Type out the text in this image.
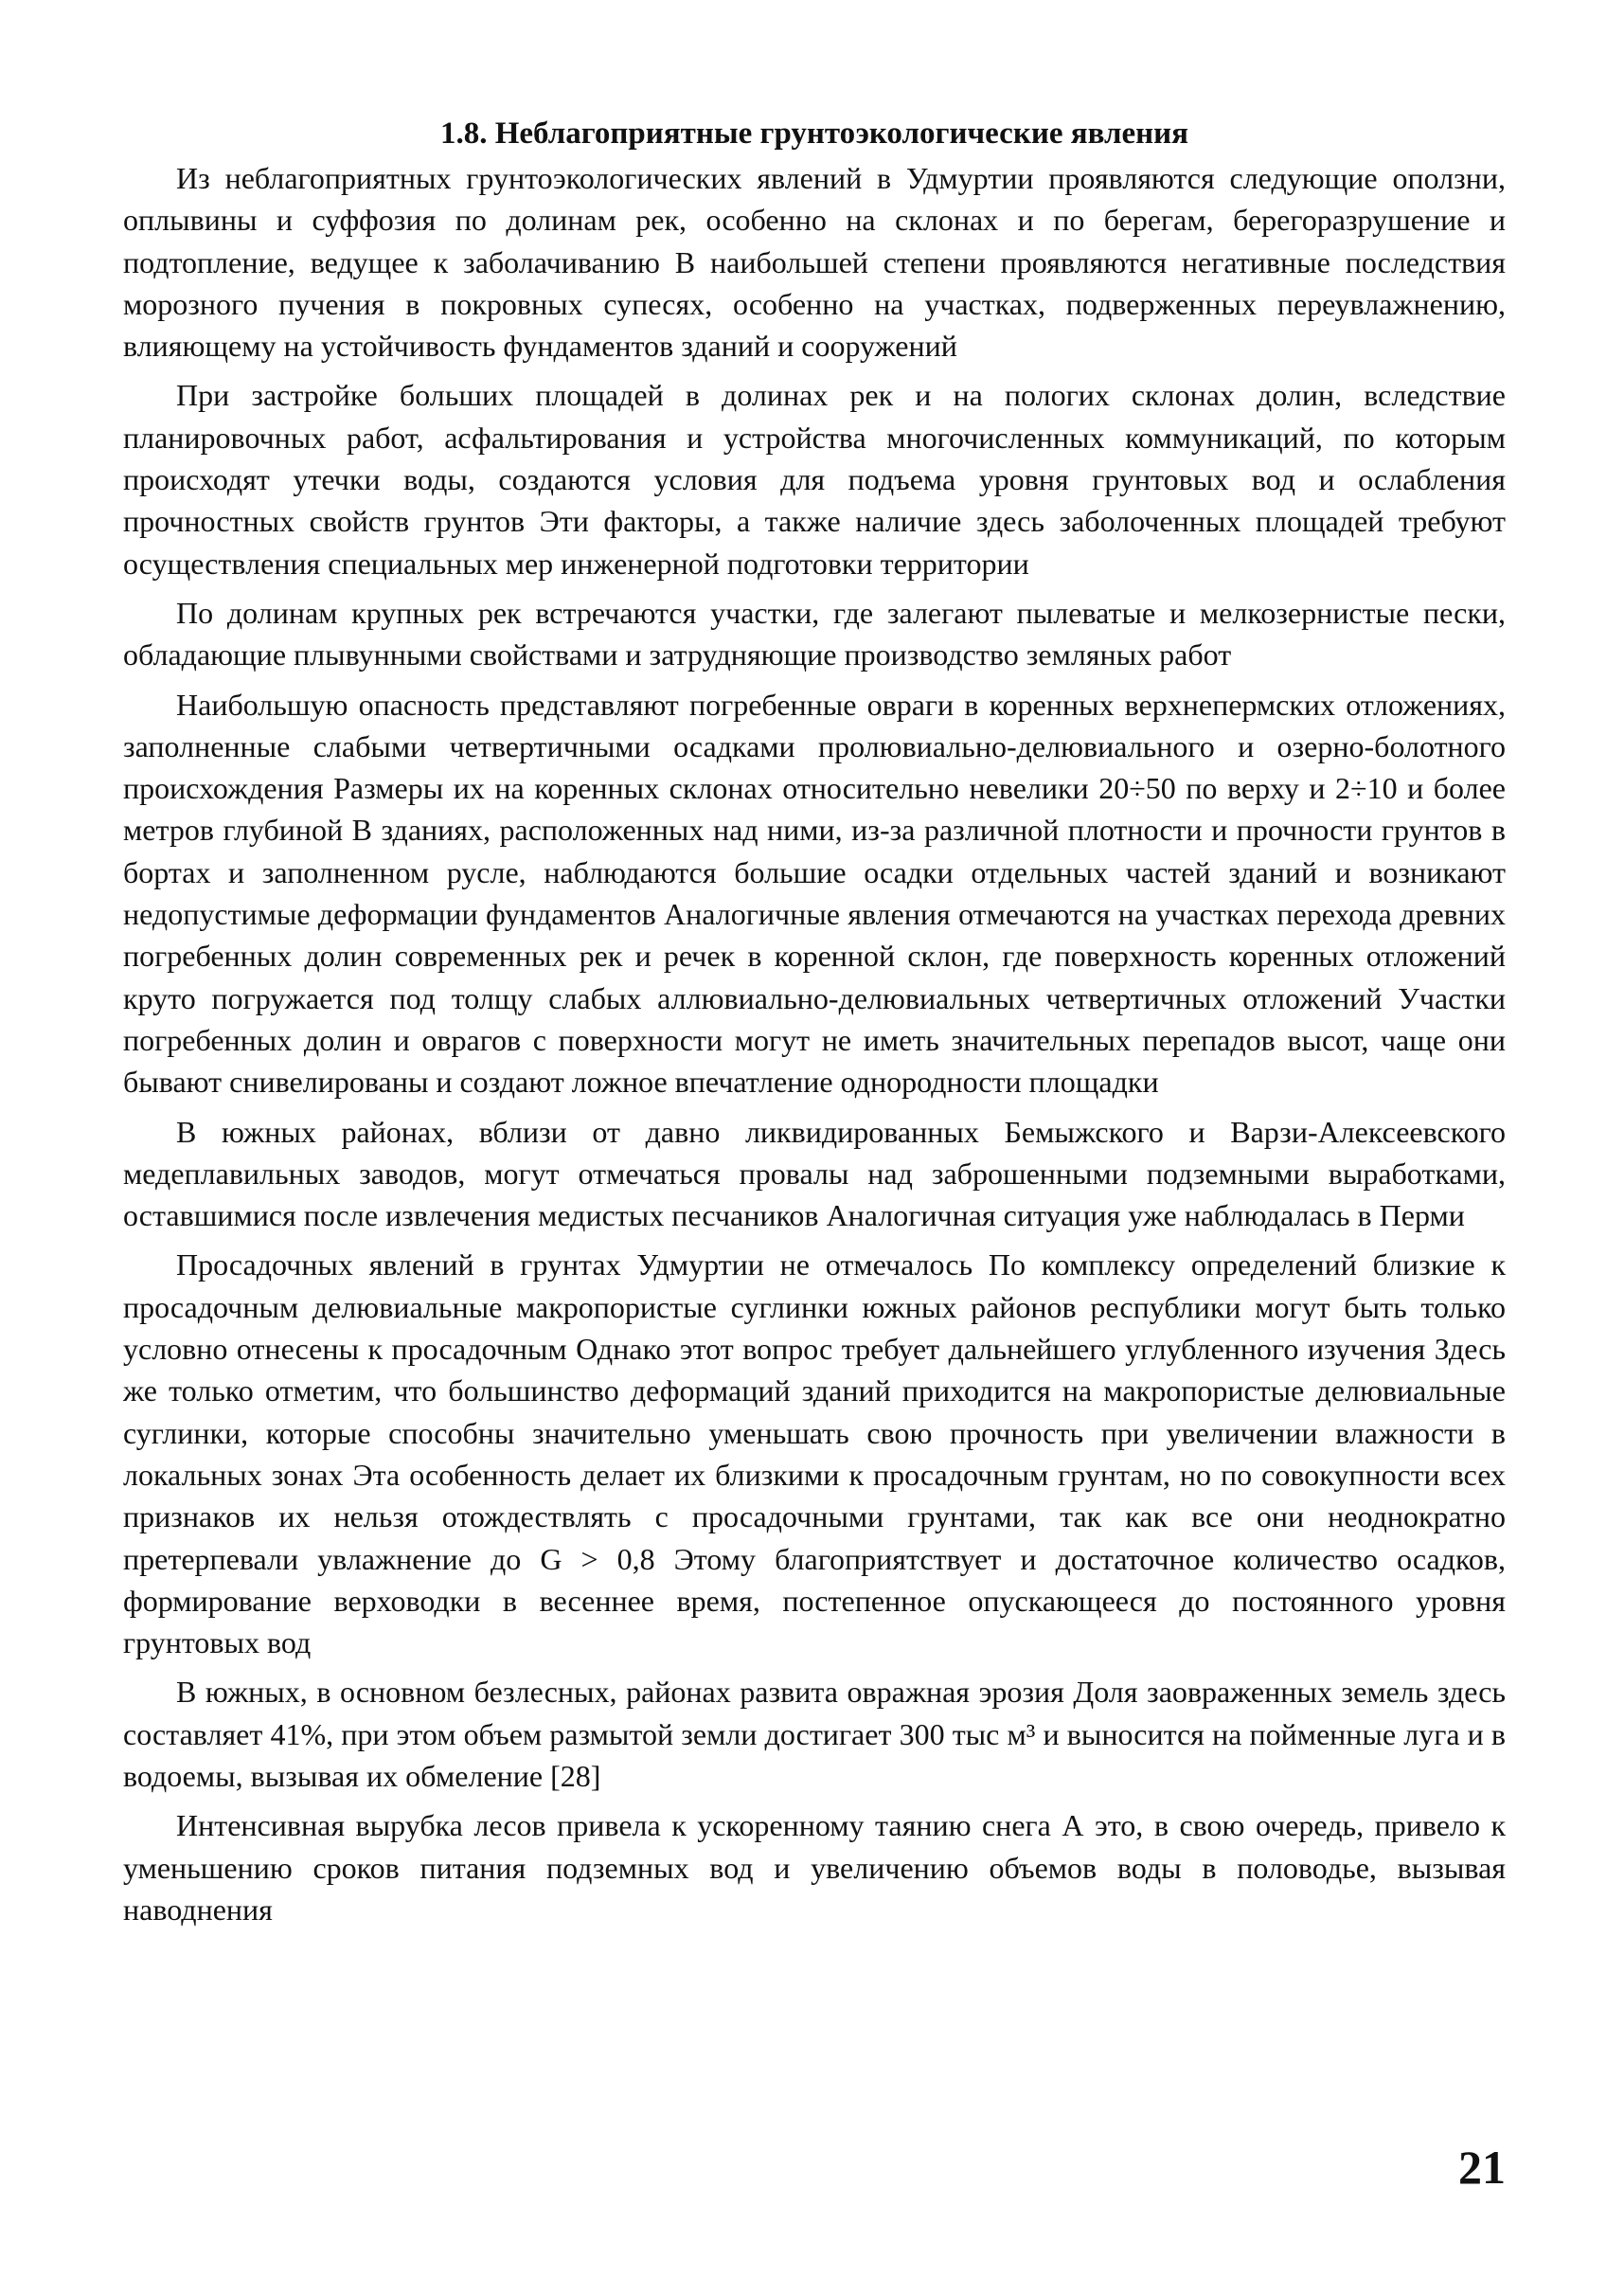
1.8. Неблагоприятные грунтоэкологические явления

Из неблагоприятных грунтоэкологических явлений в Удмуртии проявляются следующие оползни, оплывины и суффозия по долинам рек, особенно на склонах и по берегам, берегоразрушение и подтопление, ведущее к заболачиванию В наибольшей степени проявляются негативные последствия морозного пучения в покровных супесях, особенно на участках, подверженных переувлажнению, влияющему на устойчивость фундаментов зданий и сооружений

При застройке больших площадей в долинах рек и на пологих склонах долин, вследствие планировочных работ, асфальтирования и устройства многочисленных коммуникаций, по которым происходят утечки воды, создаются условия для подъема уровня грунтовых вод и ослабления прочностных свойств грунтов Эти факторы, а также наличие здесь заболоченных площадей требуют осуществления специальных мер инженерной подготовки территории

По долинам крупных рек встречаются участки, где залегают пылеватые и мелкозернистые пески, обладающие плывунными свойствами и затрудняющие производство земляных работ

Наибольшую опасность представляют погребенные овраги в коренных верхнепермских отложениях, заполненные слабыми четвертичными осадками пролювиально-делювиального и озерно-болотного происхождения Размеры их на коренных склонах относительно невелики 20÷50 по верху и 2÷10 и более метров глубиной В зданиях, расположенных над ними, из-за различной плотности и прочности грунтов в бортах и заполненном русле, наблюдаются большие осадки отдельных частей зданий и возникают недопустимые деформации фундаментов Аналогичные явления отмечаются на участках перехода древних погребенных долин современных рек и речек в коренной склон, где поверхность коренных отложений круто погружается под толщу слабых аллювиально-делювиальных четвертичных отложений Участки погребенных долин и оврагов с поверхности могут не иметь значительных перепадов высот, чаще они бывают снивелированы и создают ложное впечатление однородности площадки

В южных районах, вблизи от давно ликвидированных Бемыжского и Варзи-Алексеевского медеплавильных заводов, могут отмечаться провалы над заброшенными подземными выработками, оставшимися после извлечения медистых песчаников Аналогичная ситуация уже наблюдалась в Перми

Просадочных явлений в грунтах Удмуртии не отмечалось По комплексу определений близкие к просадочным делювиальные макропористые суглинки южных районов республики могут быть только условно отнесены к просадочным Однако этот вопрос требует дальнейшего углубленного изучения Здесь же только отметим, что большинство деформаций зданий приходится на макропористые делювиальные суглинки, которые способны значительно уменьшать свою прочность при увеличении влажности в локальных зонах Эта особенность делает их близкими к просадочным грунтам, но по совокупности всех признаков их нельзя отождествлять с просадочными грунтами, так как все они неоднократно претерпевали увлажнение до G > 0,8 Этому благоприятствует и достаточное количество осадков, формирование верховодки в весеннее время, постепенное опускающееся до постоянного уровня грунтовых вод

В южных, в основном безлесных, районах развита овражная эрозия Доля заовраженных земель здесь составляет 41%, при этом объем размытой земли достигает 300 тыс м³ и выносится на пойменные луга и в водоемы, вызывая их обмеление [28]

Интенсивная вырубка лесов привела к ускоренному таянию снега А это, в свою очередь, привело к уменьшению сроков питания подземных вод и увеличению объемов воды в половодье, вызывая наводнения

21
